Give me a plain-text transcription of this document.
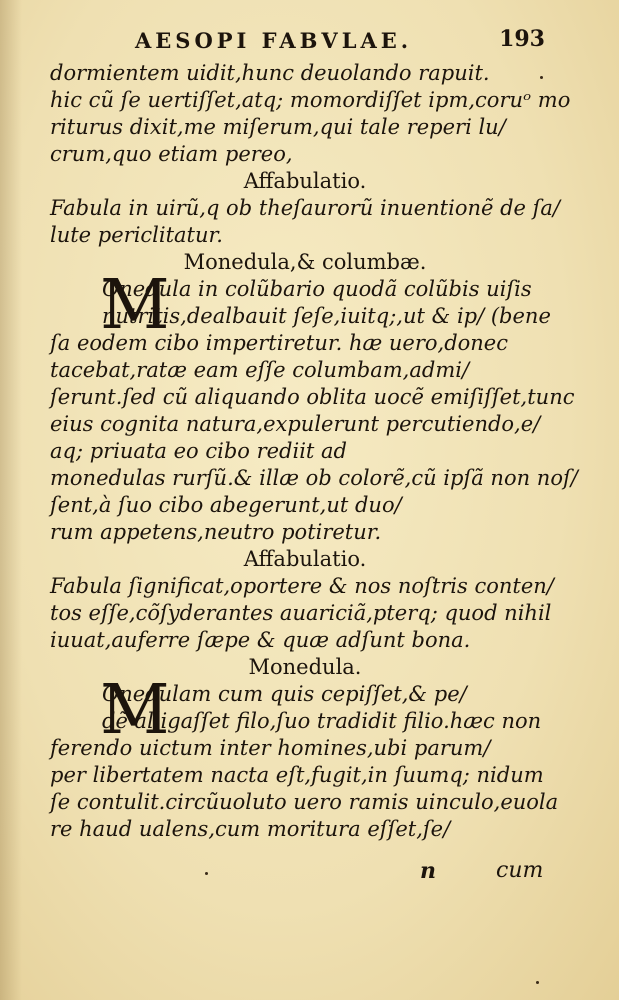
AESOPI FABVLAE.	193
dormientem uidit,hunc deuolando rapuit.
hic cũ ſe uertiſſet,atq; momordiſſet ipm,coruᵒ mo
riturus dixit,me miſerum,qui tale reperi lu/
crum,quo etiam pereo,
Affabulatio.
Fabula in uirũ,q ob theſaurorũ inuentionẽ de ſa/
lute periclitatur.
Monedula,& columbæ.
M
Onedula in colũbario quodã colũbis uiſis
nutritis,dealbauit ſeſe,iuitq;,ut & ip/ (bene
ſa eodem cibo impertiretur. hæ uero,donec
tacebat,ratæ eam eſſe columbam,admi/
ſerunt.ſed cũ aliquando oblita uocẽ emiſiſſet,tunc
eius cognita natura,expulerunt percutiendo,e/
aq; priuata eo cibo rediit ad
monedulas rurſũ.& illæ ob colorẽ,cũ ipſã non noſ/
ſent,à ſuo cibo abegerunt,ut duo/
rum appetens,neutro potiretur.
Affabulatio.
Fabula ſignificat,oportere & nos noſtris conten/
tos eſſe,cõſyderantes auariciã,pterq; quod nihil
iuuat,auferre ſæpe & quæ adſunt bona.
Monedula.
M
Onedulam cum quis cepiſſet,& pe/
dẽ alligaſſet filo,ſuo tradidit filio.hæc non
ferendo uictum inter homines,ubi parum/
per libertatem nacta eſt,fugit,in ſuumq; nidum
ſe contulit.circũuoluto uero ramis uinculo,euola
re haud ualens,cum moritura eſſet,ſe/
n	cum
